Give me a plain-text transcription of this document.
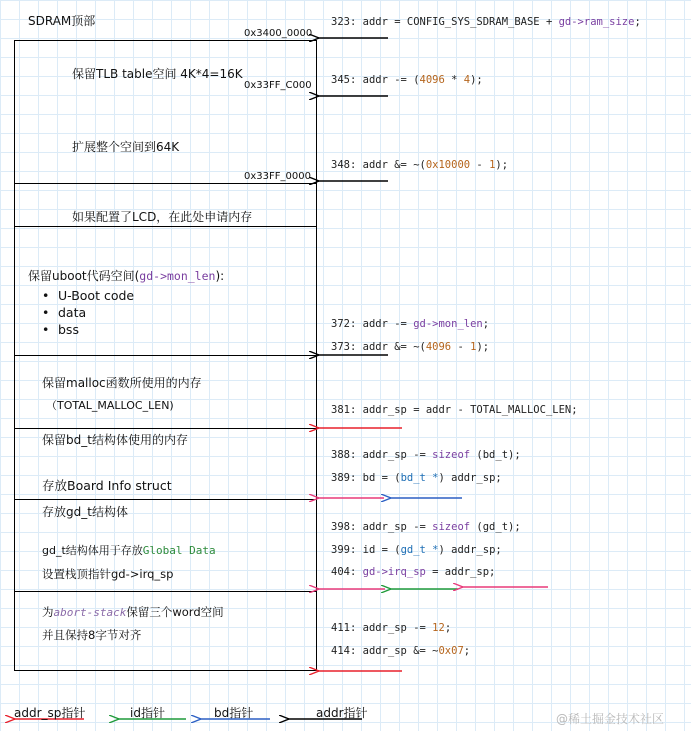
SDRAM顶部
0x3400_0000
0x33FF_C000
0x33FF_0000
保留TLB table空间 4K*4=16K
扩展整个空间到64K
如果配置了LCD，在此处申请内存
保留uboot代码空间(gd->mon_len):
• U-Boot code
• data
• bss
保留malloc函数所使用的内存
（TOTAL_MALLOC_LEN)
保留bd_t结构体使用的内存
存放Board Info struct
存放gd_t结构体
gd_t结构体用于存放Global Data
设置栈顶指针gd->irq_sp
为abort-stack保留三个word空间
并且保持8字节对齐
323: addr = CONFIG_SYS_SDRAM_BASE + gd->ram_size;
345: addr -= (4096 * 4);
348: addr &= ~(0x10000 - 1);
372: addr -= gd->mon_len;
373: addr &= ~(4096 - 1);
381: addr_sp = addr - TOTAL_MALLOC_LEN;
388: addr_sp -= sizeof (bd_t);
389: bd = (bd_t *) addr_sp;
398: addr_sp -= sizeof (gd_t);
399: id = (gd_t *) addr_sp;
404: gd->irq_sp = addr_sp;
411: addr_sp -= 12;
414: addr_sp &= ~0x07;
addr_sp指针	id指针	bd指针	addr指针	@稀土掘金技术社区
